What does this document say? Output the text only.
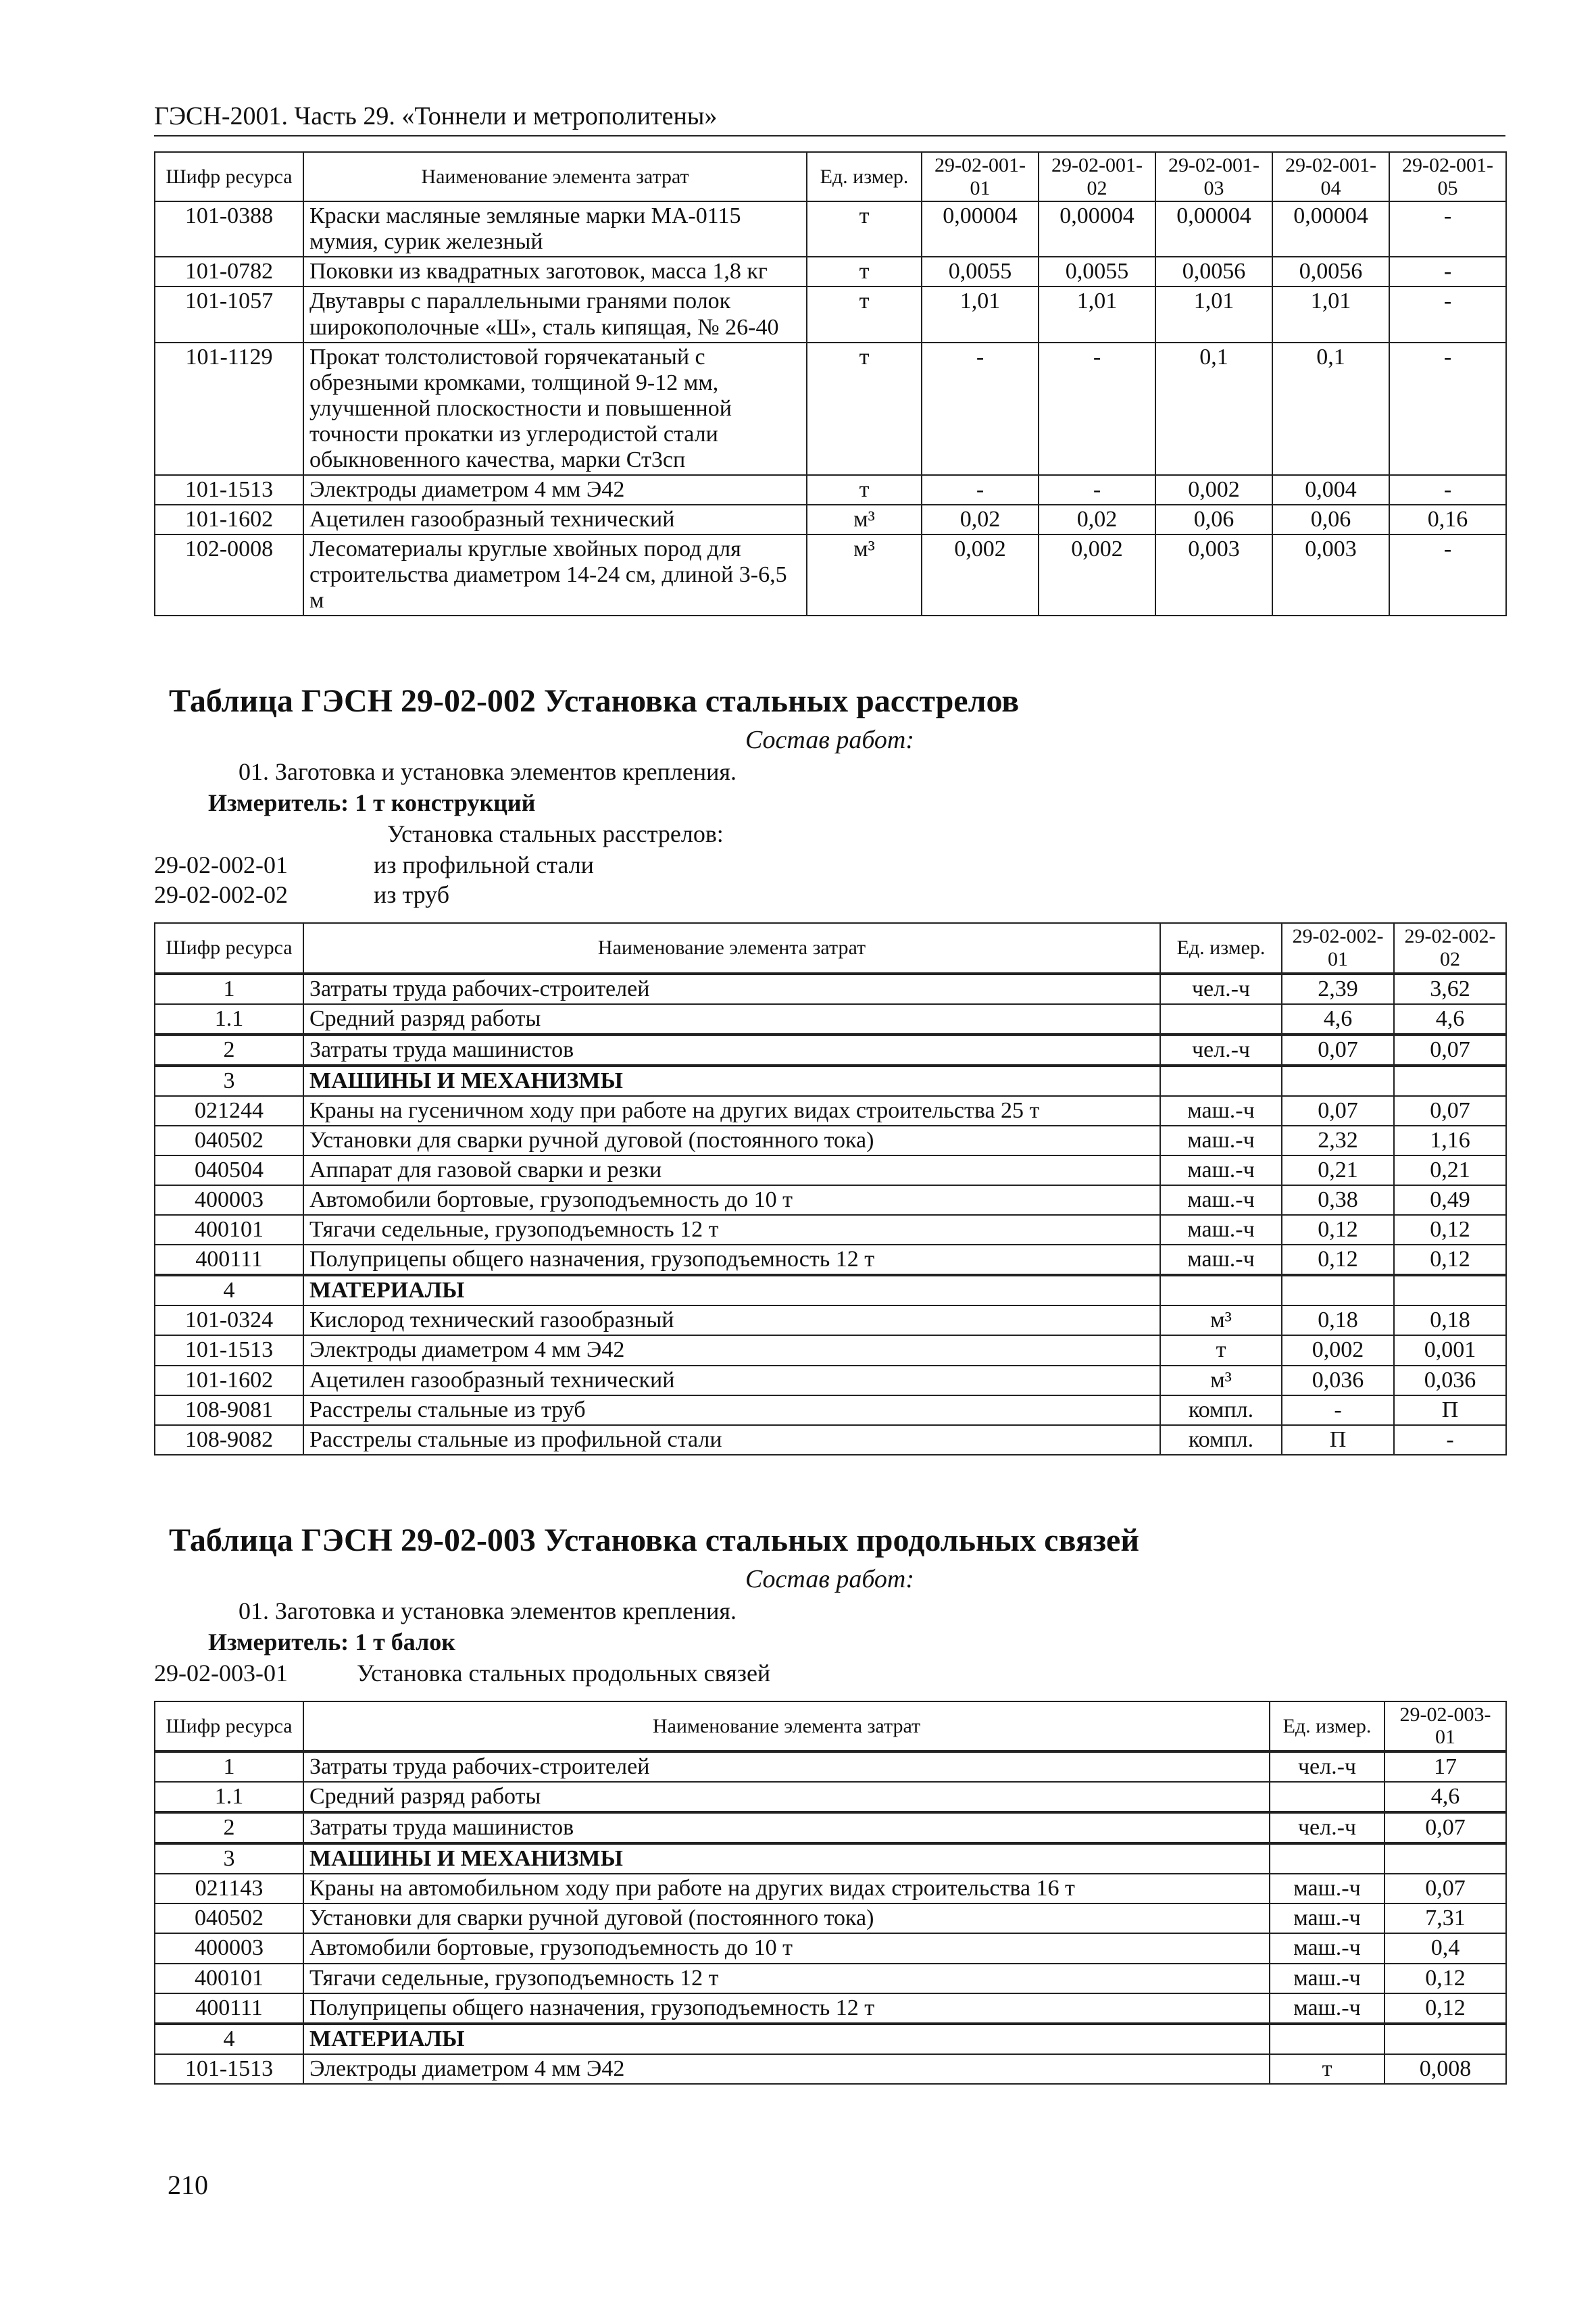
ГЭСН-2001. Часть 29. «Тоннели и метрополитены»
Шифр ресурса	Наименование элемента затрат	Ед. измер.	29-02-001-01	29-02-001-02	29-02-001-03	29-02-001-04	29-02-001-05
101-0388	Краски масляные земляные марки МА-0115 мумия, сурик железный	т	0,00004	0,00004	0,00004	0,00004	-
101-0782	Поковки из квадратных заготовок, масса 1,8 кг	т	0,0055	0,0055	0,0056	0,0056	-
101-1057	Двутавры с параллельными гранями полок широкополочные «Ш», сталь кипящая, № 26-40	т	1,01	1,01	1,01	1,01	-
101-1129	Прокат толстолистовой горячекатаный с обрезными кромками, толщиной 9-12 мм, улучшенной плоскостности и повышенной точности прокатки из углеродистой стали обыкновенного качества, марки Ст3сп	т	-	-	0,1	0,1	-
101-1513	Электроды диаметром 4 мм Э42	т	-	-	0,002	0,004	-
101-1602	Ацетилен газообразный технический	м³	0,02	0,02	0,06	0,06	0,16
102-0008	Лесоматериалы круглые хвойных пород для строительства диаметром 14-24 см, длиной 3-6,5 м	м³	0,002	0,002	0,003	0,003	-
Таблица ГЭСН 29-02-002 Установка стальных расстрелов
Состав работ:
01. Заготовка и установка элементов крепления.
Измеритель: 1 т конструкций
Установка стальных расстрелов:
29-02-002-01	из профильной стали
29-02-002-02	из труб
Шифр ресурса	Наименование элемента затрат	Ед. измер.	29-02-002-01	29-02-002-02
1	Затраты труда рабочих-строителей	чел.-ч	2,39	3,62
1.1	Средний разряд работы		4,6	4,6
2	Затраты труда машинистов	чел.-ч	0,07	0,07
3	МАШИНЫ И МЕХАНИЗМЫ			
021244	Краны на гусеничном ходу при работе на других видах строительства 25 т	маш.-ч	0,07	0,07
040502	Установки для сварки ручной дуговой (постоянного тока)	маш.-ч	2,32	1,16
040504	Аппарат для газовой сварки и резки	маш.-ч	0,21	0,21
400003	Автомобили бортовые, грузоподъемность до 10 т	маш.-ч	0,38	0,49
400101	Тягачи седельные, грузоподъемность 12 т	маш.-ч	0,12	0,12
400111	Полуприцепы общего назначения, грузоподъемность 12 т	маш.-ч	0,12	0,12
4	МАТЕРИАЛЫ			
101-0324	Кислород технический газообразный	м³	0,18	0,18
101-1513	Электроды диаметром 4 мм Э42	т	0,002	0,001
101-1602	Ацетилен газообразный технический	м³	0,036	0,036
108-9081	Расстрелы стальные из труб	компл.	-	П
108-9082	Расстрелы стальные из профильной стали	компл.	П	-
Таблица ГЭСН 29-02-003 Установка стальных продольных связей
Состав работ:
01. Заготовка и установка элементов крепления.
Измеритель: 1 т балок
29-02-003-01	Установка стальных продольных связей
Шифр ресурса	Наименование элемента затрат	Ед. измер.	29-02-003-01
1	Затраты труда рабочих-строителей	чел.-ч	17
1.1	Средний разряд работы		4,6
2	Затраты труда машинистов	чел.-ч	0,07
3	МАШИНЫ И МЕХАНИЗМЫ		
021143	Краны на автомобильном ходу при работе на других видах строительства 16 т	маш.-ч	0,07
040502	Установки для сварки ручной дуговой (постоянного тока)	маш.-ч	7,31
400003	Автомобили бортовые, грузоподъемность до 10 т	маш.-ч	0,4
400101	Тягачи седельные, грузоподъемность 12 т	маш.-ч	0,12
400111	Полуприцепы общего назначения, грузоподъемность 12 т	маш.-ч	0,12
4	МАТЕРИАЛЫ		
101-1513	Электроды диаметром 4 мм Э42	т	0,008
210
